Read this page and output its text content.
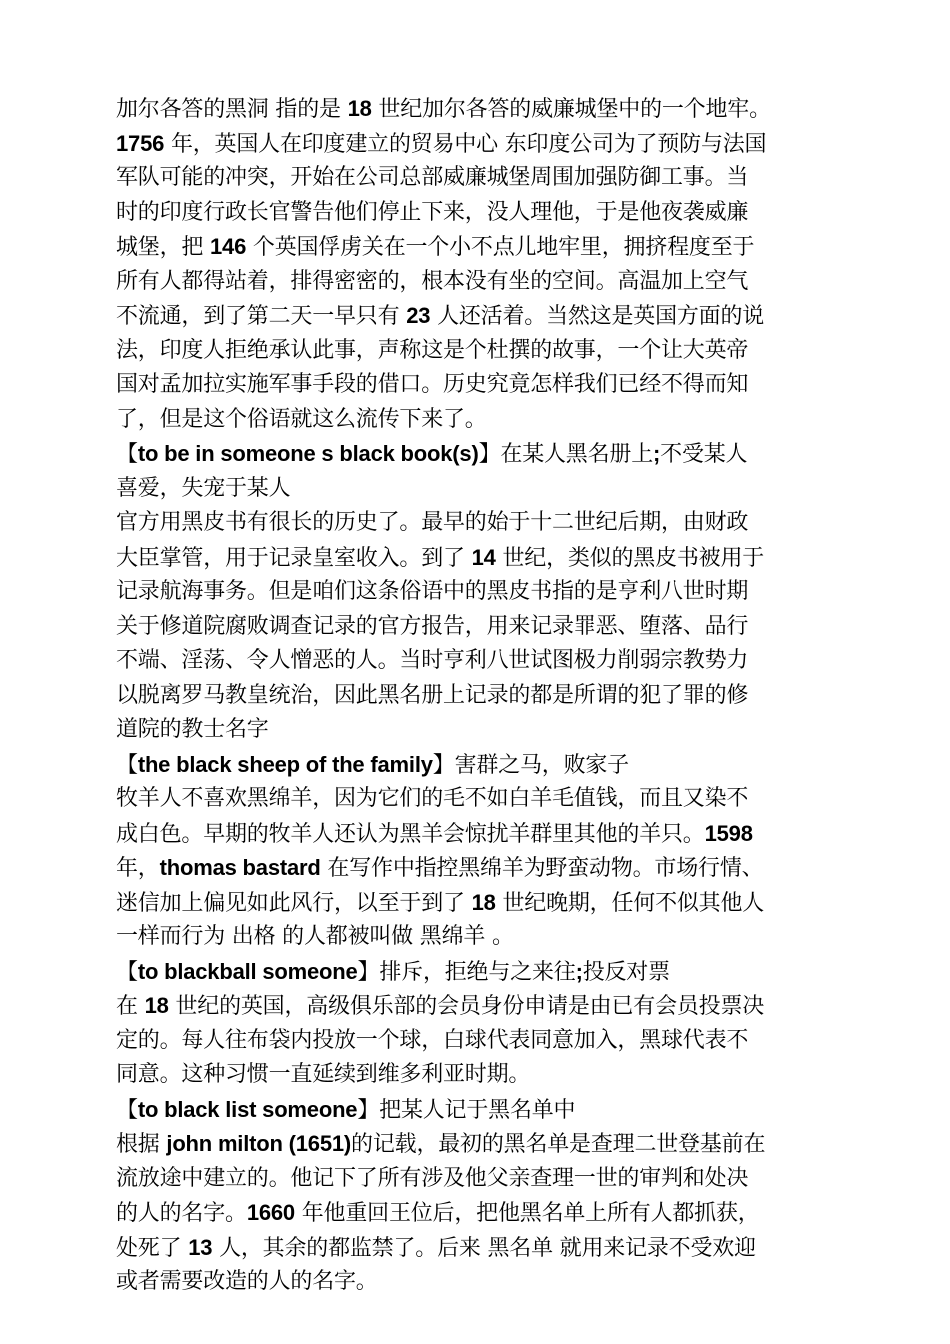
加尔各答的黑洞 指的是 18 世纪加尔各答的威廉城堡中的一个地牢。
1756 年，英国人在印度建立的贸易中心 东印度公司为了预防与法国
军队可能的冲突，开始在公司总部威廉城堡周围加强防御工事。当
时的印度行政长官警告他们停止下来，没人理他，于是他夜袭威廉
城堡，把 146 个英国俘虏关在一个小不点儿地牢里，拥挤程度至于
所有人都得站着，排得密密的，根本没有坐的空间。高温加上空气
不流通，到了第二天一早只有 23 人还活着。当然这是英国方面的说
法，印度人拒绝承认此事，声称这是个杜撰的故事，一个让大英帝
国对孟加拉实施军事手段的借口。历史究竟怎样我们已经不得而知
了，但是这个俗语就这么流传下来了。
【to be in someone s black book(s)】在某人黑名册上;不受某人
喜爱，失宠于某人
官方用黑皮书有很长的历史了。最早的始于十二世纪后期，由财政
大臣掌管，用于记录皇室收入。到了 14 世纪，类似的黑皮书被用于
记录航海事务。但是咱们这条俗语中的黑皮书指的是亨利八世时期
关于修道院腐败调查记录的官方报告，用来记录罪恶、堕落、品行
不端、淫荡、令人憎恶的人。当时亨利八世试图极力削弱宗教势力
以脱离罗马教皇统治，因此黑名册上记录的都是所谓的犯了罪的修
道院的教士名字
【the black sheep of the family】害群之马，败家子
牧羊人不喜欢黑绵羊，因为它们的毛不如白羊毛值钱，而且又染不
成白色。早期的牧羊人还认为黑羊会惊扰羊群里其他的羊只。1598
年，thomas bastard 在写作中指控黑绵羊为野蛮动物。市场行情、
迷信加上偏见如此风行，以至于到了 18 世纪晚期，任何不似其他人
一样而行为 出格 的人都被叫做 黑绵羊 。
【to blackball someone】排斥，拒绝与之来往;投反对票
在 18 世纪的英国，高级俱乐部的会员身份申请是由已有会员投票决
定的。每人往布袋内投放一个球，白球代表同意加入，黑球代表不
同意。这种习惯一直延续到维多利亚时期。
【to black list someone】把某人记于黑名单中
根据 john milton (1651)的记载，最初的黑名单是查理二世登基前在
流放途中建立的。他记下了所有涉及他父亲查理一世的审判和处决
的人的名字。1660 年他重回王位后，把他黑名单上所有人都抓获，
处死了 13 人，其余的都监禁了。后来 黑名单 就用来记录不受欢迎
或者需要改造的人的名字。
